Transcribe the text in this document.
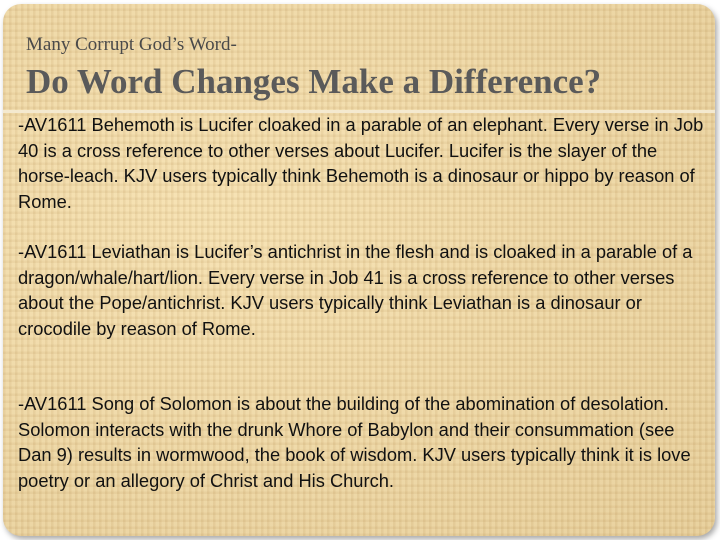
Many Corrupt God’s Word-
Do Word Changes Make a Difference?

-AV1611 Behemoth is Lucifer cloaked in a parable of an elephant. Every verse in Job 40 is a cross reference to other verses about Lucifer. Lucifer is the slayer of the horse-leach. KJV users typically think Behemoth is a dinosaur or hippo by reason of Rome.

-AV1611 Leviathan is Lucifer’s antichrist in the flesh and is cloaked in a parable of a dragon/whale/hart/lion. Every verse in Job 41 is a cross reference to other verses about the Pope/antichrist. KJV users typically think Leviathan is a dinosaur or crocodile by reason of Rome.

-AV1611 Song of Solomon is about the building of the abomination of desolation. Solomon interacts with the drunk Whore of Babylon and their consummation (see Dan 9) results in wormwood, the book of wisdom. KJV users typically think it is love poetry or an allegory of Christ and His Church.
